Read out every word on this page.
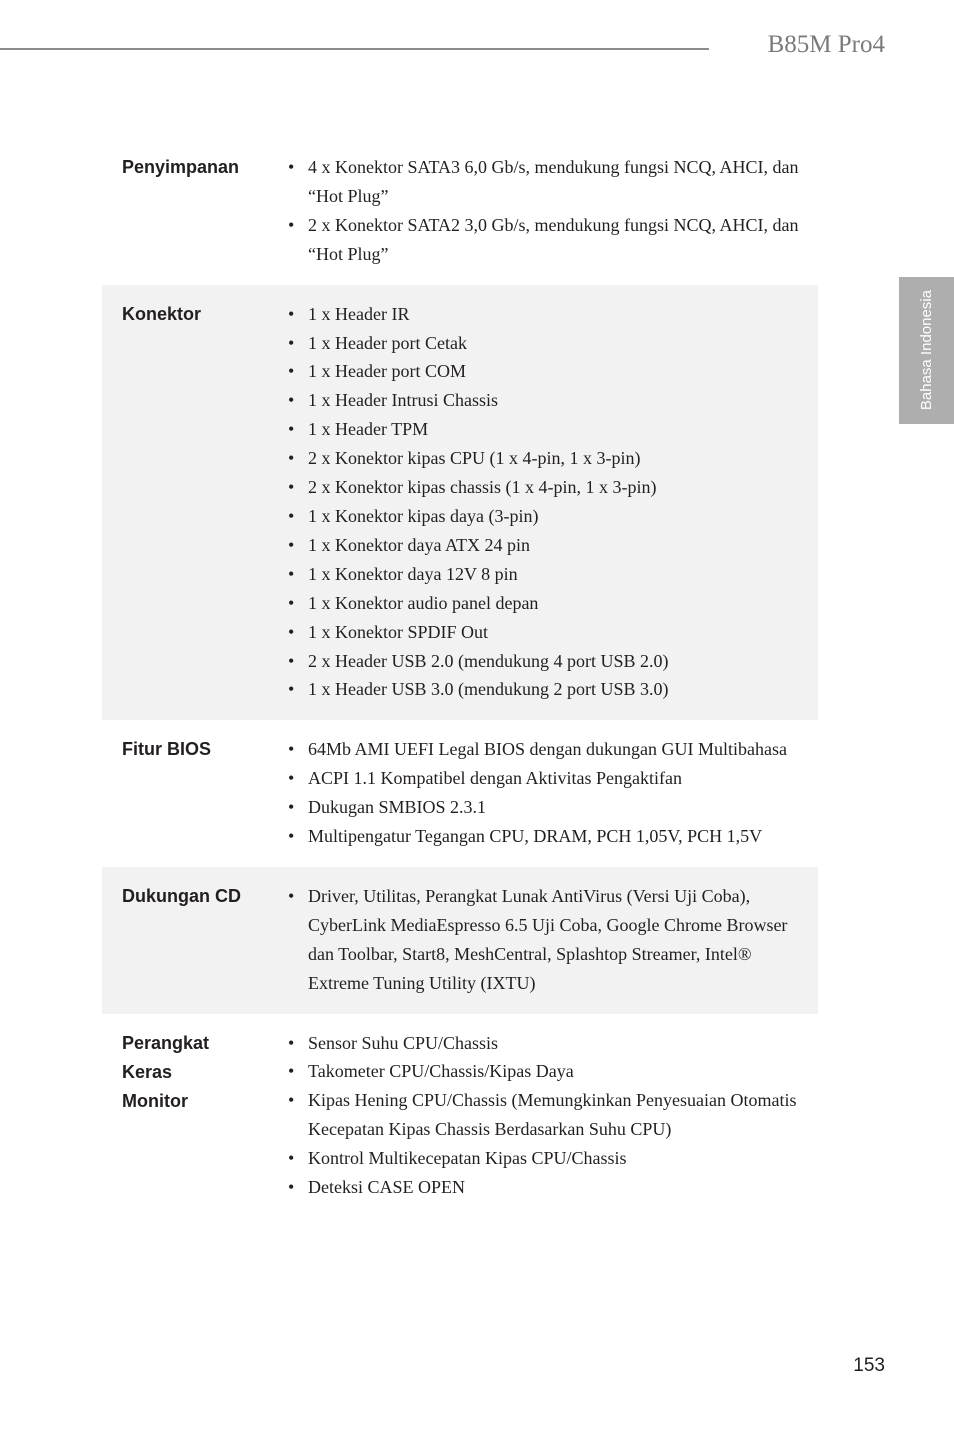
B85M Pro4
Bahasa Indonesia
Penyimpanan	• 4 x Konektor SATA3 6,0 Gb/s, mendukung fungsi NCQ, AHCI, dan “Hot Plug”
• 2 x Konektor SATA2 3,0 Gb/s, mendukung fungsi NCQ, AHCI, dan “Hot Plug”
Konektor	• 1 x Header IR
• 1 x Header port Cetak
• 1 x Header port COM
• 1 x Header Intrusi Chassis
• 1 x Header TPM
• 2 x Konektor kipas CPU (1 x 4-pin, 1 x 3-pin)
• 2 x Konektor kipas chassis (1 x 4-pin, 1 x 3-pin)
• 1 x Konektor kipas daya (3-pin)
• 1 x Konektor daya ATX 24 pin
• 1 x Konektor daya 12V 8 pin
• 1 x Konektor audio panel depan
• 1 x Konektor SPDIF Out
• 2 x Header USB 2.0 (mendukung 4 port USB 2.0)
• 1 x Header USB 3.0 (mendukung 2 port USB 3.0)
Fitur BIOS	• 64Mb AMI UEFI Legal BIOS dengan dukungan GUI Multibahasa
• ACPI 1.1 Kompatibel dengan Aktivitas Pengaktifan
• Dukugan SMBIOS 2.3.1
• Multipengatur Tegangan CPU, DRAM, PCH 1,05V, PCH 1,5V
Dukungan CD	• Driver, Utilitas, Perangkat Lunak AntiVirus (Versi Uji Coba), CyberLink MediaEspresso 6.5 Uji Coba, Google Chrome Browser dan Toolbar, Start8, MeshCentral, Splashtop Streamer, Intel® Extreme Tuning Utility (IXTU)
Perangkat
Keras
Monitor
• Sensor Suhu CPU/Chassis
• Takometer CPU/Chassis/Kipas Daya
• Kipas Hening CPU/Chassis (Memungkinkan Penyesuaian Otomatis Kecepatan Kipas Chassis Berdasarkan Suhu CPU)
• Kontrol Multikecepatan Kipas CPU/Chassis
• Deteksi CASE OPEN
153
